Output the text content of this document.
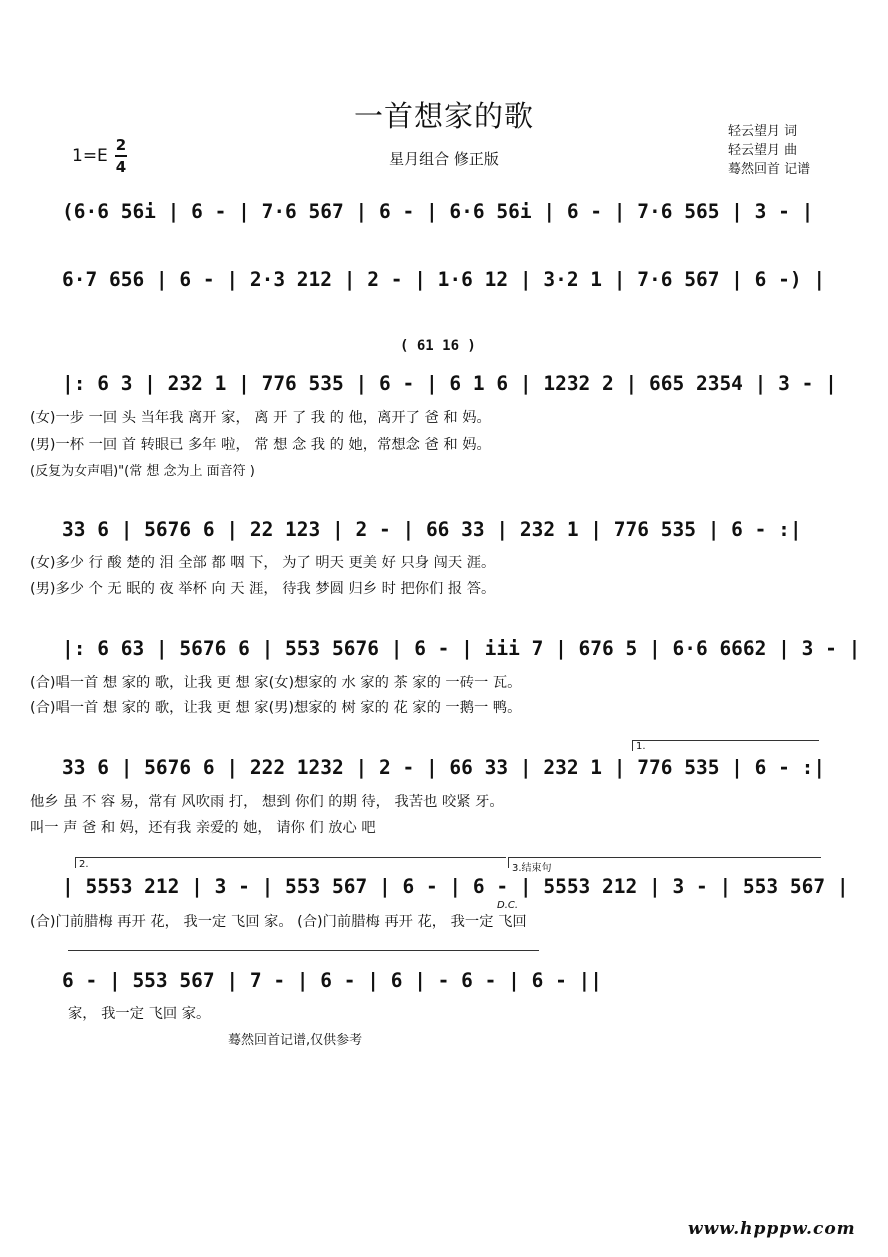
一首想家的歌
星月组合 修正版
轻云望月 词
轻云望月 曲
蓦然回首 记谱
1=E
2
4
(6·6 56i | 6 - | 7·6 567 | 6 - | 6·6 56i | 6 - | 7·6 565 | 3 - |
6·7 656 | 6 - | 2·3 212 | 2 - | 1·6 12 | 3·2 1 | 7·6 567 | 6 -) |
( 61 16 )
|: 6 3 | 232 1 | 776 535 | 6 - | 6 1 6 | 1232 2 | 665 2354 | 3 - |
(女)一步 一回 头 当年我 离开 家， 离 开 了 我 的 他，离开了 爸 和 妈。
(男)一杯 一回 首 转眼已 多年 啦， 常 想 念 我 的 她，常想念 爸 和 妈。
(反复为女声唱)"(常 想 念为上 面音符 )
33 6 | 5676 6 | 22 123 | 2 - | 66 33 | 232 1 | 776 535 | 6 - :|
(女)多少 行 酸 楚的 泪 全部 都 咽 下， 为了 明天 更美 好 只身 闯天 涯。
(男)多少 个 无 眠的 夜 举杯 向 天 涯， 待我 梦圆 归乡 时 把你们 报 答。
|: 6 63 | 5676 6 | 553 5676 | 6 - | iii 7 | 676 5 | 6·6 6662 | 3 - |
(合)唱一首 想 家的 歌，让我 更 想 家(女)想家的 水 家的 茶 家的 一砖一 瓦。
(合)唱一首 想 家的 歌，让我 更 想 家(男)想家的 树 家的 花 家的 一鹅一 鸭。
1.
33 6 | 5676 6 | 222 1232 | 2 - | 66 33 | 232 1 | 776 535 | 6 - :|
他乡 虽 不 容 易，常有 风吹雨 打， 想到 你们 的期 待， 我苦也 咬紧 牙。
叫一 声 爸 和 妈，还有我 亲爱的 她， 请你 们 放心 吧
2.	3.结束句
| 5553 212 | 3 - | 553 567 | 6 - | 6 - | 5553 212 | 3 - | 553 567 |
D.C.
(合)门前腊梅 再开 花， 我一定 飞回 家。 (合)门前腊梅 再开 花， 我一定 飞回
6 - | 553 567 | 7 - | 6 - | 6 | - 6 - | 6 - ||
家， 我一定 飞回 家。
蓦然回首记谱,仅供参考
www.hpppw.com
